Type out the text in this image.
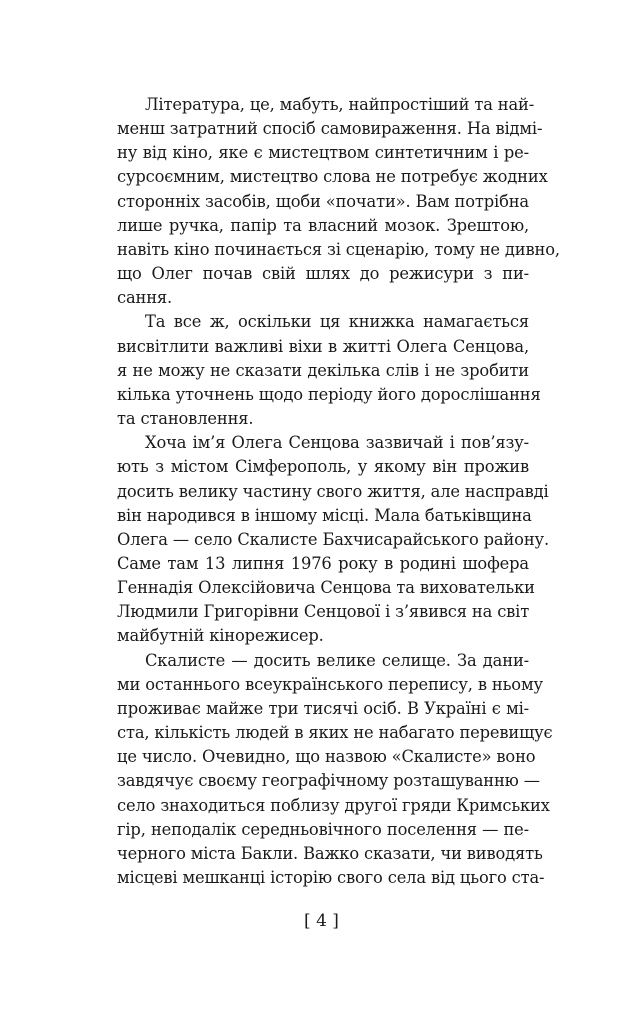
Література, це, мабуть, найпростіший та най-
менш затратний спосіб самовираження. На відмі-
ну від кіно, яке є мистецтвом синтетичним і ре-
сурсоємним, мистецтво слова не потребує жодних
сторонніх засобів, щоби «почати». Вам потрібна
лише ручка, папір та власний мозок. Зрештою,
навіть кіно починається зі сценарію, тому не дивно,
що Олег почав свій шлях до режисури з пи-
сання.
Та все ж, оскільки ця книжка намагається
висвітлити важливі віхи в житті Олега Сенцова,
я не можу не сказати декілька слів і не зробити
кілька уточнень щодо періоду його дорослішання
та становлення.
Хоча ім’я Олега Сенцова зазвичай і пов’язу-
ють з містом Сімферополь, у якому він прожив
досить велику частину свого життя, але насправді
він народився в іншому місці. Мала батьківщина
Олега — село Скалисте Бахчисарайського району.
Саме там 13 липня 1976 року в родині шофера
Геннадія Олексійовича Сенцова та виховательки
Людмили Григорівни Сенцової і з’явився на світ
майбутній кінорежисер.
Скалисте — досить велике селище. За дани-
ми останнього всеукраїнського перепису, в ньому
проживає майже три тисячі осіб. В Україні є мі-
ста, кількість людей в яких не набагато перевищує
це число. Очевидно, що назвою «Скалисте» воно
завдячує своєму географічному розташуванню —
село знаходиться поблизу другої гряди Кримських
гір, неподалік середньовічного поселення — пе-
черного міста Бакли. Важко сказати, чи виводять
місцеві мешканці історію свого села від цього ста-
[ 4 ]
